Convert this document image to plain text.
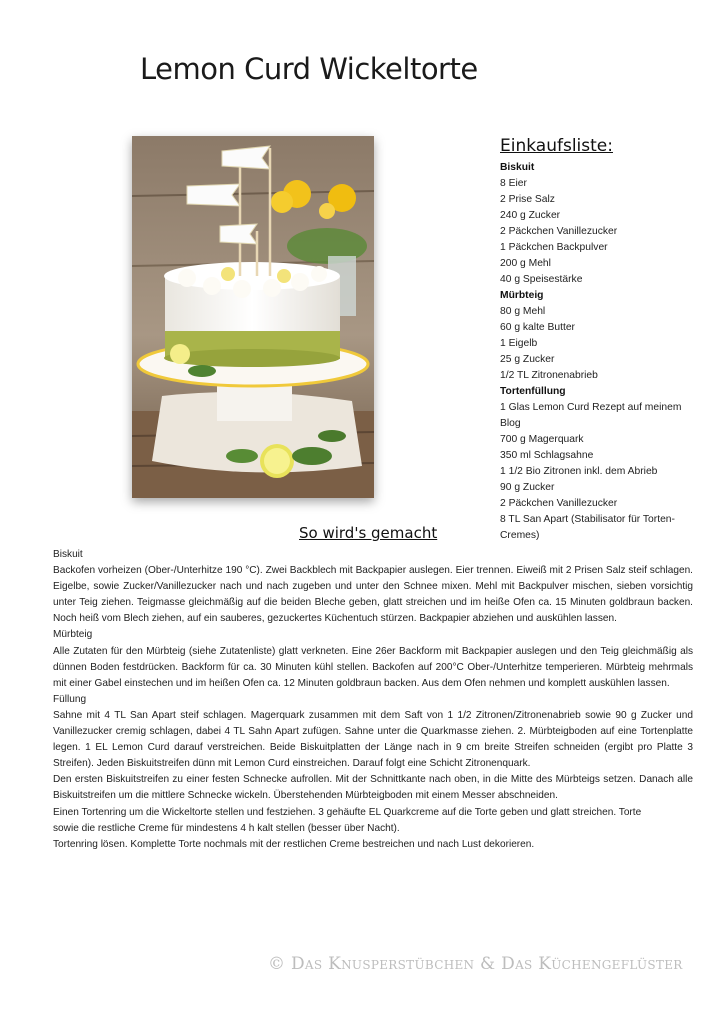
Lemon Curd Wickeltorte
Einkaufsliste:
Biskuit
8 Eier
2 Prise Salz
240 g Zucker
2 Päckchen Vanillezucker
1 Päckchen Backpulver
200 g Mehl
40 g Speisestärke
Mürbteig
80 g Mehl
60 g kalte Butter
1 Eigelb
25 g Zucker
1/2 TL Zitronenabrieb
Tortenfüllung
1 Glas Lemon Curd Rezept auf meinem Blog
700 g Magerquark
350 ml Schlagsahne
1 1/2 Bio Zitronen inkl. dem Abrieb
90 g Zucker
2 Päckchen Vanillezucker
8 TL San Apart (Stabilisator für Torten-Cremes)
So wird's gemacht

Biskuit

Backofen vorheizen (Ober-/Unterhitze 190 °C). Zwei Backblech mit Backpapier auslegen. Eier trennen. Eiweiß mit 2 Prisen Salz steif schlagen. Eigelbe, sowie Zucker/Vanillezucker nach und nach zugeben und unter den Schnee mixen. Mehl mit Backpulver mischen, sieben vorsichtig unter Teig ziehen. Teigmasse gleichmäßig auf die beiden Bleche geben, glatt streichen und im heiße Ofen ca. 15 Minuten goldbraun backen. Noch heiß vom Blech ziehen, auf ein sauberes, gezuckertes Küchentuch stürzen. Backpapier abziehen und auskühlen lassen.

Mürbteig

Alle Zutaten für den Mürbteig (siehe Zutatenliste) glatt verkneten. Eine 26er Backform mit Backpapier auslegen und den Teig gleichmäßig als dünnen Boden festdrücken. Backform für ca. 30 Minuten kühl stellen. Backofen auf 200°C Ober-/Unterhitze temperieren. Mürbteig mehrmals mit einer Gabel einstechen und im heißen Ofen ca. 12 Minuten goldbraun backen. Aus dem Ofen nehmen und komplett auskühlen lassen.

Füllung

Sahne mit 4 TL San Apart steif schlagen. Magerquark zusammen mit dem Saft von 1 1/2 Zitronen/Zitronenabrieb sowie 90 g Zucker und Vanillezucker cremig schlagen, dabei 4 TL Sahn Apart zufügen. Sahne unter die Quarkmasse ziehen. 2. Mürbteigboden auf eine Tortenplatte legen. 1 EL Lemon Curd darauf verstreichen. Beide Biskuitplatten der Länge nach in 9 cm breite Streifen schneiden (ergibt pro Platte 3 Streifen). Jeden Biskuitstreifen dünn mit Lemon Curd einstreichen. Darauf folgt eine Schicht Zitronenquark.

Den ersten Biskuitstreifen zu einer festen Schnecke aufrollen. Mit der Schnittkante nach oben, in die Mitte des Mürbteigs setzen. Danach alle Biskuitstreifen um die mittlere Schnecke wickeln. Überstehenden Mürbteigboden mit einem Messer abschneiden.

Einen Tortenring um die Wickeltorte stellen und festziehen. 3 gehäufte EL Quarkcreme auf die Torte geben und glatt streichen. Torte

sowie die restliche Creme für mindestens 4 h kalt stellen (besser über Nacht).

Tortenring lösen. Komplette Torte nochmals mit der restlichen Creme bestreichen und nach Lust dekorieren.

© Das Knusperstübchen & Das Küchengeflüster
